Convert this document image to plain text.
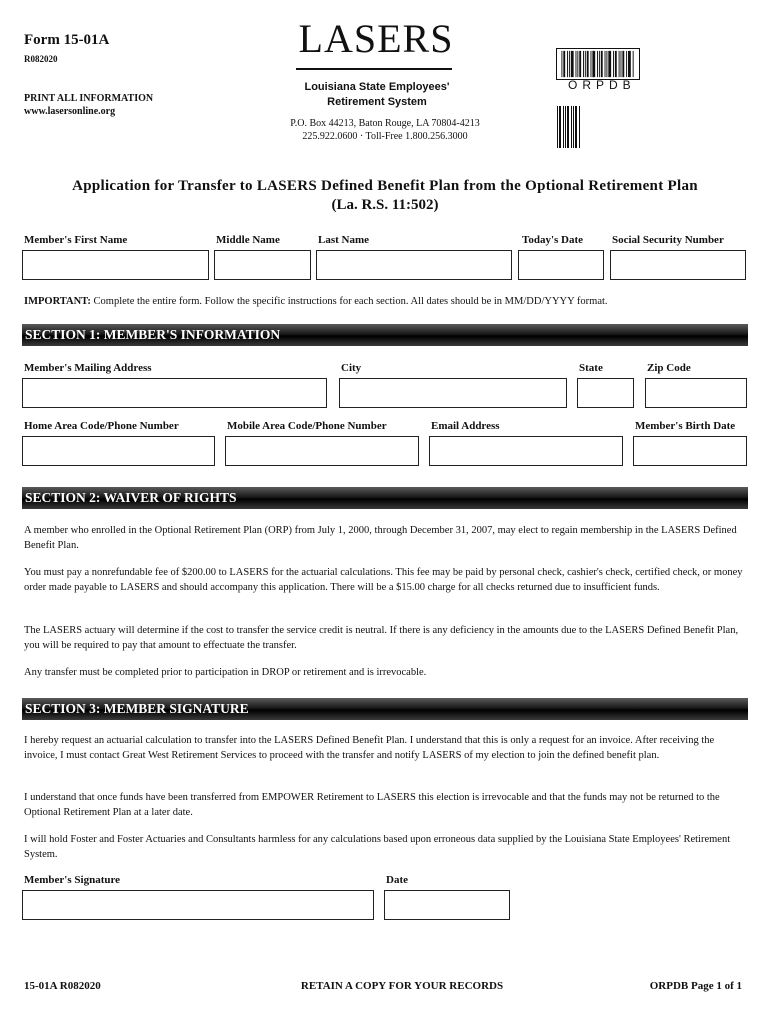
Form 15-01A
R082020
PRINT ALL INFORMATION
www.lasersonline.org
LASERS
Louisiana State Employees'
Retirement System
P.O. Box 44213, Baton Rouge, LA 70804-4213
225.922.0600 · Toll-Free 1.800.256.3000
ORPDB
Application for Transfer to LASERS Defined Benefit Plan from the Optional Retirement Plan
(La. R.S. 11:502)
Member's First Name	Middle Name	Last Name	Today's Date	Social Security Number
IMPORTANT: Complete the entire form. Follow the specific instructions for each section. All dates should be in MM/DD/YYYY format.
SECTION 1: MEMBER'S INFORMATION
Member's Mailing Address	City	State	Zip Code
Home Area Code/Phone Number	Mobile Area Code/Phone Number	Email Address	Member's Birth Date
SECTION 2: WAIVER OF RIGHTS
A member who enrolled in the Optional Retirement Plan (ORP) from July 1, 2000, through December 31, 2007, may elect to regain membership in the LASERS Defined Benefit Plan.
You must pay a nonrefundable fee of $200.00 to LASERS for the actuarial calculations. This fee may be paid by personal check, cashier's check, certified check, or money order made payable to LASERS and should accompany this application. There will be a $15.00 charge for all checks returned due to insufficient funds.
The LASERS actuary will determine if the cost to transfer the service credit is neutral. If there is any deficiency in the amounts due to the LASERS Defined Benefit Plan, you will be required to pay that amount to effectuate the transfer.
Any transfer must be completed prior to participation in DROP or retirement and is irrevocable.
SECTION 3: MEMBER SIGNATURE
I hereby request an actuarial calculation to transfer into the LASERS Defined Benefit Plan. I understand that this is only a request for an invoice. After receiving the invoice, I must contact Great West Retirement Services to proceed with the transfer and notify LASERS of my election to join the defined benefit plan.
I understand that once funds have been transferred from EMPOWER Retirement to LASERS this election is irrevocable and that the funds may not be returned to the Optional Retirement Plan at a later date.
I will hold Foster and Foster Actuaries and Consultants harmless for any calculations based upon erroneous data supplied by the Louisiana State Employees' Retirement System.
Member's Signature	Date
15-01A R082020	RETAIN A COPY FOR YOUR RECORDS	ORPDB Page 1 of 1
